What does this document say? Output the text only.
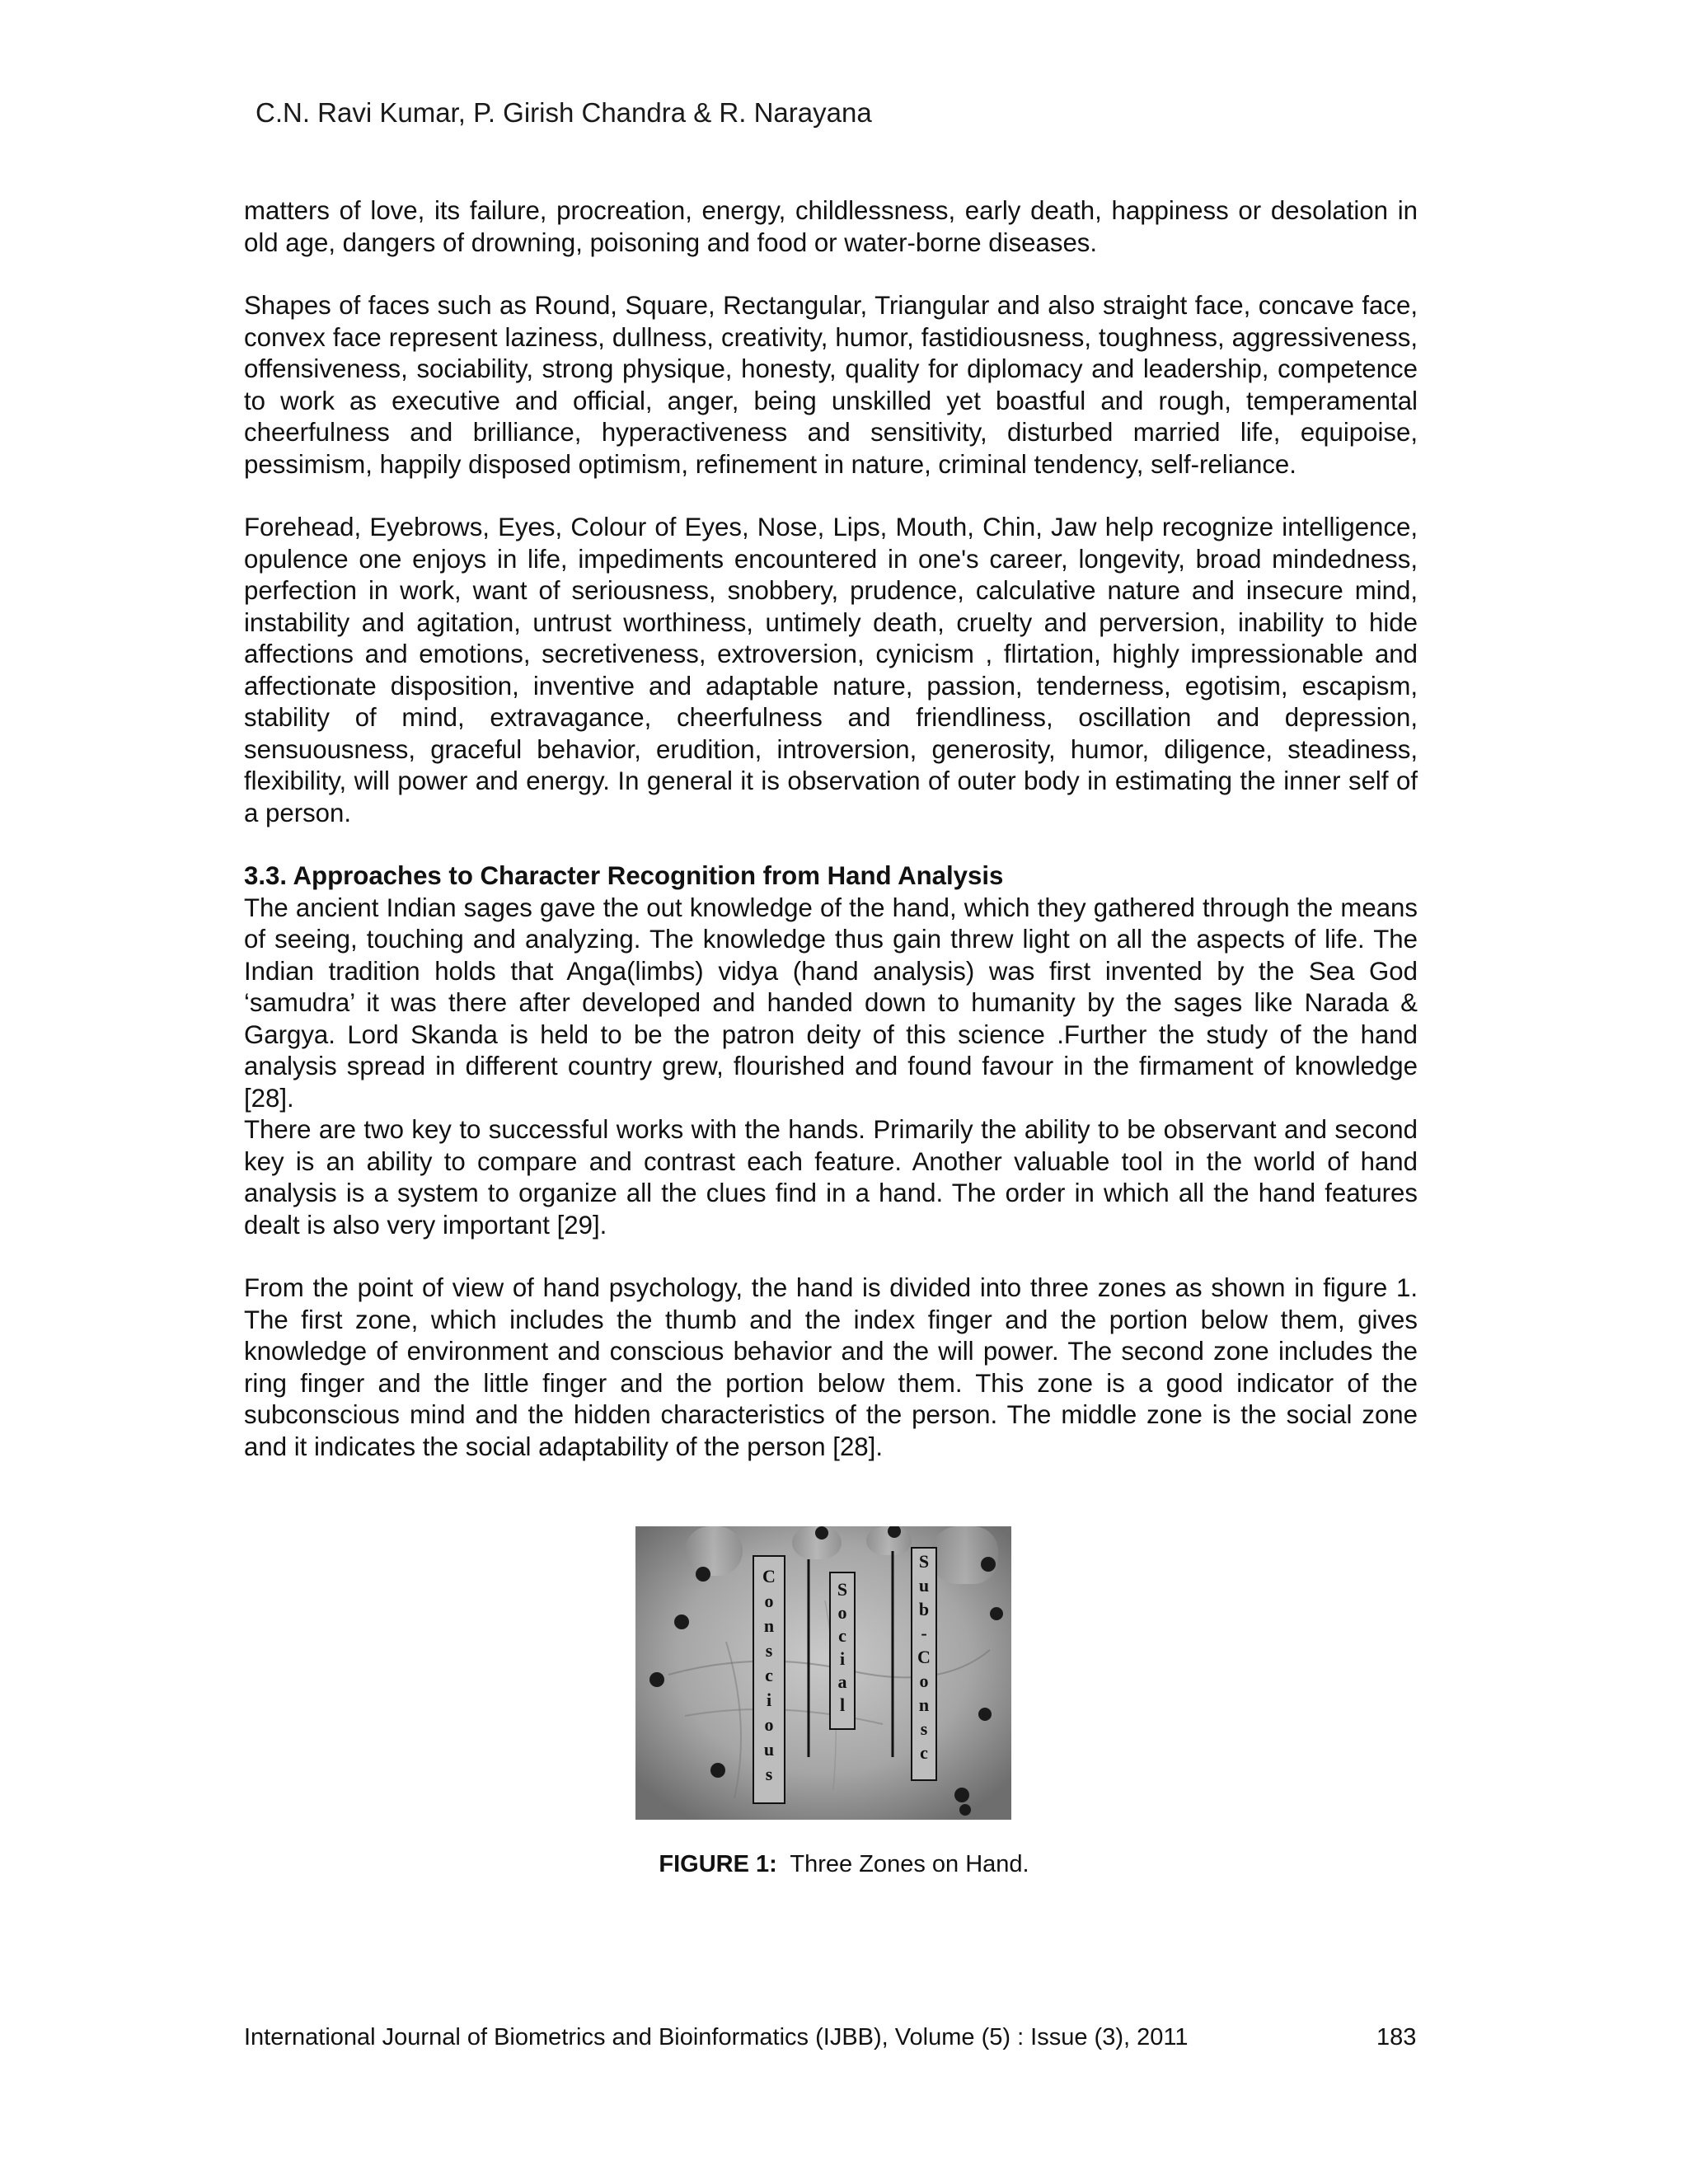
C.N. Ravi Kumar, P. Girish Chandra & R. Narayana

matters of love, its failure, procreation, energy, childlessness, early death, happiness or desolation in old age, dangers of drowning, poisoning and food or water-borne diseases.

Shapes of faces such as Round, Square, Rectangular, Triangular and also straight face, concave face, convex face represent laziness, dullness, creativity, humor, fastidiousness, toughness, aggressiveness, offensiveness, sociability, strong physique, honesty, quality for diplomacy and leadership, competence to work as executive and official, anger, being unskilled yet boastful and rough, temperamental cheerfulness and brilliance, hyperactiveness and sensitivity, disturbed married life, equipoise, pessimism, happily disposed optimism, refinement in nature, criminal tendency, self-reliance.

Forehead, Eyebrows, Eyes, Colour of Eyes, Nose, Lips, Mouth, Chin, Jaw help recognize intelligence, opulence one enjoys in life, impediments encountered in one's career, longevity, broad mindedness, perfection in work, want of seriousness, snobbery, prudence, calculative nature and insecure mind, instability and agitation, untrust worthiness, untimely death, cruelty and perversion, inability to hide affections and emotions, secretiveness, extroversion, cynicism , flirtation, highly impressionable and affectionate disposition, inventive and adaptable nature, passion, tenderness, egotisim, escapism, stability of mind, extravagance, cheerfulness and friendliness, oscillation and depression, sensuousness, graceful behavior, erudition, introversion, generosity, humor, diligence, steadiness, flexibility, will power and energy. In general it is observation of outer body in estimating the inner self of a person.

3.3. Approaches to Character Recognition from Hand Analysis

The ancient Indian sages gave the out knowledge of the hand, which they gathered through the means of seeing, touching and analyzing. The knowledge thus gain threw light on all the aspects of life. The Indian tradition holds that Anga(limbs) vidya (hand analysis) was first invented by the Sea God ‘samudra’ it was there after developed and handed down to humanity by the sages like Narada & Gargya. Lord Skanda is held to be the patron deity of this science .Further the study of the hand analysis spread in different country grew, flourished and found favour in the firmament of knowledge [28].

There are two key to successful works with the hands. Primarily the ability to be observant and second key is an ability to compare and contrast each feature. Another valuable tool in the world of hand analysis is a system to organize all the clues find in a hand. The order in which all the hand features dealt is also very important [29].

From the point of view of hand psychology, the hand is divided into three zones as shown in figure 1. The first zone, which includes the thumb and the index finger and the portion below them, gives knowledge of environment and conscious behavior and the will power. The second zone includes the ring finger and the little finger and the portion below them. This zone is a good indicator of the subconscious mind and the hidden characteristics of the person. The middle zone is the social zone and it indicates the social adaptability of the person [28].

C
o
n
s
c
i
o
u
s
S
o
c
i
a
l
S
u
b
-
C
o
n
s
c
FIGURE 1: Three Zones on Hand.
International Journal of Biometrics and Bioinformatics (IJBB), Volume (5) : Issue (3), 2011	183
